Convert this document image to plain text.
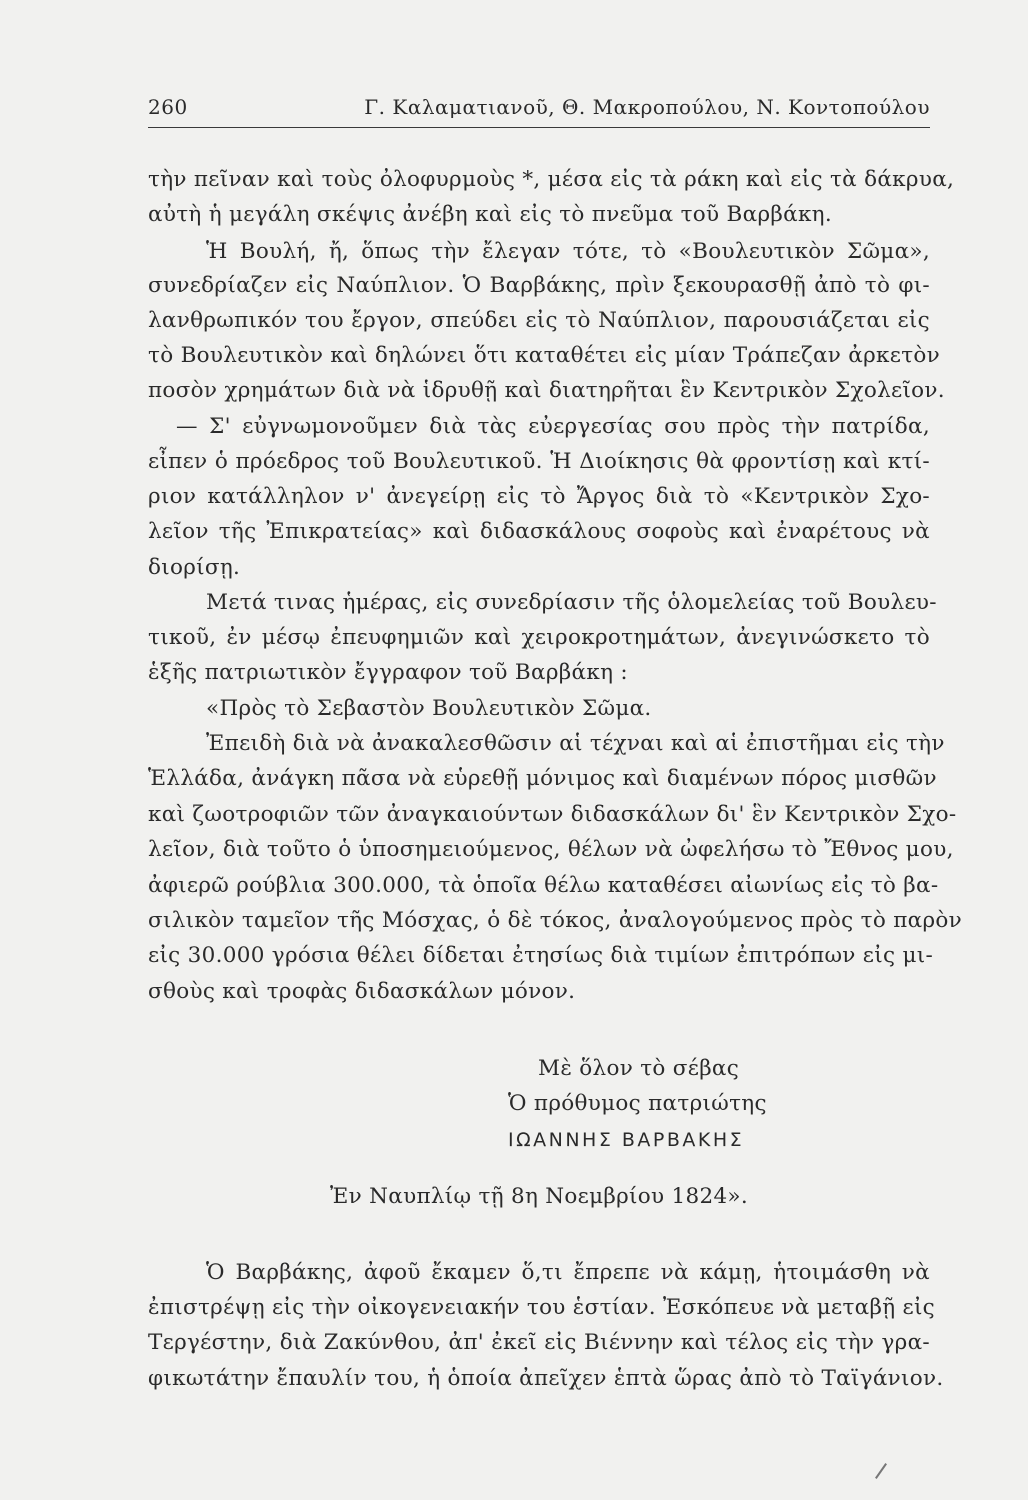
260	Γ. Καλαματιανοῦ, Θ. Μακροπούλου, Ν. Κοντοπούλου
τὴν πεῖναν καὶ τοὺς ὀλοφυρμοὺς *, μέσα εἰς τὰ ράκη καὶ εἰς τὰ δάκρυα,
αὐτὴ ἡ μεγάλη σκέψις ἀνέβη καὶ εἰς τὸ πνεῦμα τοῦ Βαρβάκη.
Ἡ Βουλή, ἤ, ὅπως τὴν ἔλεγαν τότε, τὸ «Βουλευτικὸν Σῶμα»,
συνεδρίαζεν εἰς Ναύπλιον. Ὁ Βαρβάκης, πρὶν ξεκουρασθῇ ἀπὸ τὸ φι-
λανθρωπικόν του ἔργον, σπεύδει εἰς τὸ Ναύπλιον, παρουσιάζεται εἰς
τὸ Βουλευτικὸν καὶ δηλώνει ὅτι καταθέτει εἰς μίαν Τράπεζαν ἀρκετὸν
ποσὸν χρημάτων διὰ νὰ ἱδρυθῇ καὶ διατηρῆται ἓν Κεντρικὸν Σχολεῖον.
— Σ' εὐγνωμονοῦμεν διὰ τὰς εὐεργεσίας σου πρὸς τὴν πατρίδα,
εἶπεν ὁ πρόεδρος τοῦ Βουλευτικοῦ. Ἡ Διοίκησις θὰ φροντίσῃ καὶ κτί-
ριον κατάλληλον ν' ἀνεγείρῃ εἰς τὸ Ἄργος διὰ τὸ «Κεντρικὸν Σχο-
λεῖον τῆς Ἐπικρατείας» καὶ διδασκάλους σοφοὺς καὶ ἐναρέτους νὰ
διορίσῃ.
Μετά τινας ἡμέρας, εἰς συνεδρίασιν τῆς ὁλομελείας τοῦ Βουλευ-
τικοῦ, ἐν μέσῳ ἐπευφημιῶν καὶ χειροκροτημάτων, ἀνεγινώσκετο τὸ
ἑξῆς πατριωτικὸν ἔγγραφον τοῦ Βαρβάκη :
«Πρὸς τὸ Σεβαστὸν Βουλευτικὸν Σῶμα.
Ἐπειδὴ διὰ νὰ ἀνακαλεσθῶσιν αἱ τέχναι καὶ αἱ ἐπιστῆμαι εἰς τὴν
Ἑλλάδα, ἀνάγκη πᾶσα νὰ εὑρεθῇ μόνιμος καὶ διαμένων πόρος μισθῶν
καὶ ζωοτροφιῶν τῶν ἀναγκαιούντων διδασκάλων δι' ἓν Κεντρικὸν Σχο-
λεῖον, διὰ τοῦτο ὁ ὑποσημειούμενος, θέλων νὰ ὠφελήσω τὸ Ἔθνος μου,
ἀφιερῶ ρούβλια 300.000, τὰ ὁποῖα θέλω καταθέσει αἰωνίως εἰς τὸ βα-
σιλικὸν ταμεῖον τῆς Μόσχας, ὁ δὲ τόκος, ἀναλογούμενος πρὸς τὸ παρὸν
εἰς 30.000 γρόσια θέλει δίδεται ἐτησίως διὰ τιμίων ἐπιτρόπων εἰς μι-
σθοὺς καὶ τροφὰς διδασκάλων μόνον.
Μὲ ὅλον τὸ σέβας
Ὁ πρόθυμος πατριώτης
ΙΩΑΝΝΗΣ ΒΑΡΒΑΚΗΣ
Ἐν Ναυπλίῳ τῇ 8η Νοεμβρίου 1824».
Ὁ Βαρβάκης, ἀφοῦ ἔκαμεν ὅ,τι ἔπρεπε νὰ κάμῃ, ἡτοιμάσθη νὰ
ἐπιστρέψῃ εἰς τὴν οἰκογενειακήν του ἑστίαν. Ἐσκόπευε νὰ μεταβῇ εἰς
Τεργέστην, διὰ Ζακύνθου, ἀπ' ἐκεῖ εἰς Βιέννην καὶ τέλος εἰς τὴν γρα-
φικωτάτην ἔπαυλίν του, ἡ ὁποία ἀπεῖχεν ἑπτὰ ὥρας ἀπὸ τὸ Ταϊγάνιον.
